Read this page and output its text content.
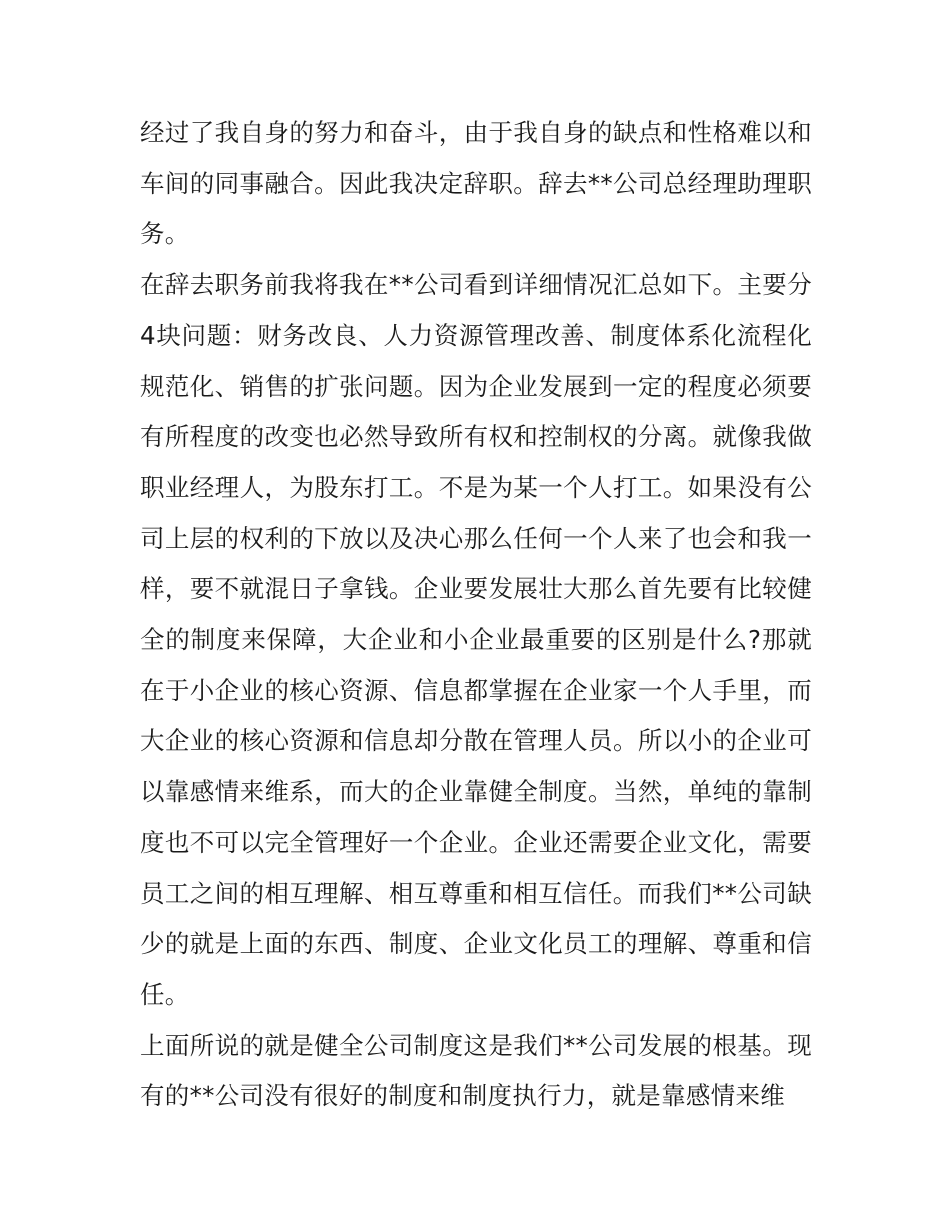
经过了我自身的努力和奋斗，由于我自身的缺点和性格难以和车间的同事融合。因此我决定辞职。辞去**公司总经理助理职务。

在辞去职务前我将我在**公司看到详细情况汇总如下。主要分4块问题：财务改良、人力资源管理改善、制度体系化流程化规范化、销售的扩张问题。因为企业发展到一定的程度必须要有所程度的改变也必然导致所有权和控制权的分离。就像我做职业经理人，为股东打工。不是为某一个人打工。如果没有公司上层的权利的下放以及决心那么任何一个人来了也会和我一样，要不就混日子拿钱。企业要发展壮大那么首先要有比较健全的制度来保障，大企业和小企业最重要的区别是什么?那就在于小企业的核心资源、信息都掌握在企业家一个人手里，而大企业的核心资源和信息却分散在管理人员。所以小的企业可以靠感情来维系，而大的企业靠健全制度。当然，单纯的靠制度也不可以完全管理好一个企业。企业还需要企业文化，需要员工之间的相互理解、相互尊重和相互信任。而我们**公司缺少的就是上面的东西、制度、企业文化员工的理解、尊重和信任。

上面所说的就是健全公司制度这是我们**公司发展的根基。现有的**公司没有很好的制度和制度执行力，就是靠感情来维
